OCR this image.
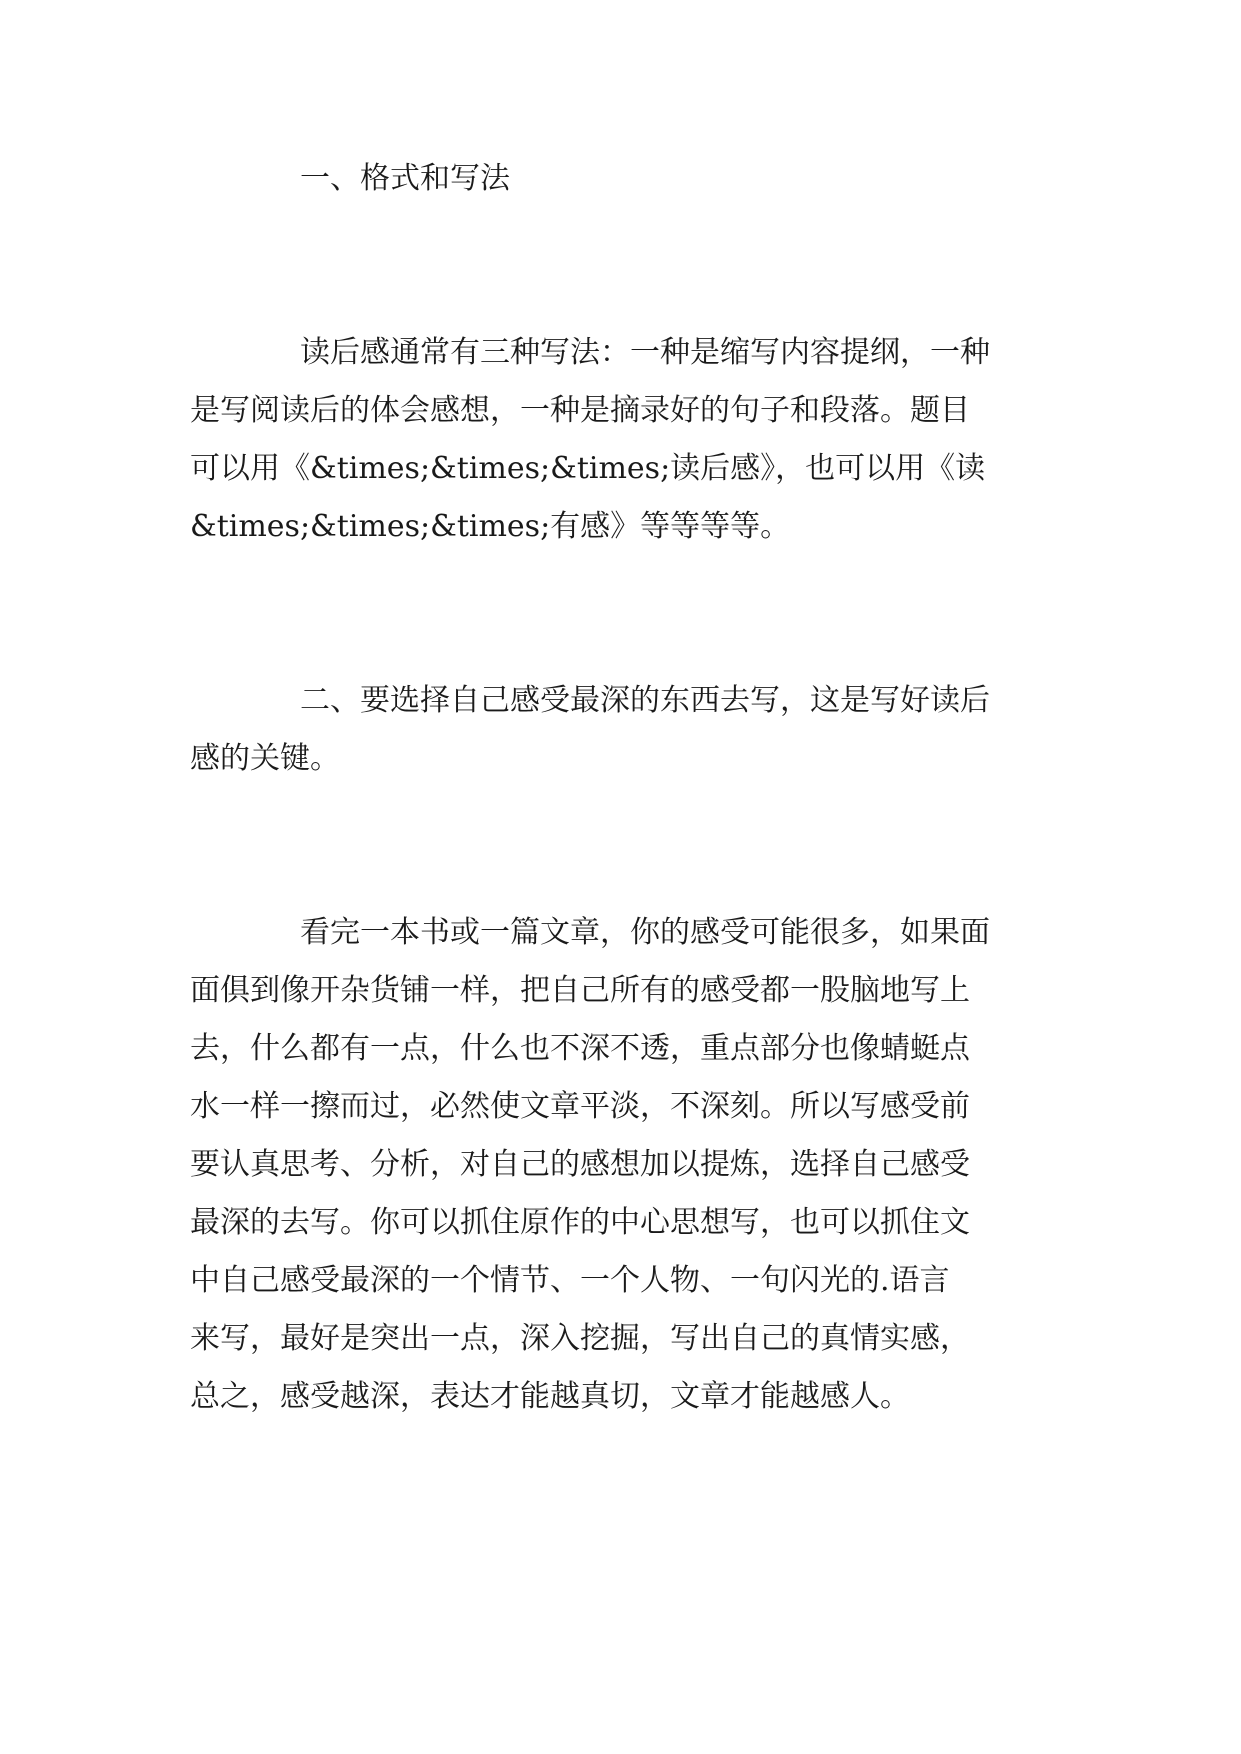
一、格式和写法

读后感通常有三种写法：一种是缩写内容提纲，一种
是写阅读后的体会感想，一种是摘录好的句子和段落。题目
可以用《&times;&times;&times;读后感》，也可以用《读
&times;&times;&times;有感》等等等等。

二、要选择自己感受最深的东西去写，这是写好读后
感的关键。

看完一本书或一篇文章，你的感受可能很多，如果面
面俱到像开杂货铺一样，把自己所有的感受都一股脑地写上
去，什么都有一点，什么也不深不透，重点部分也像蜻蜓点
水一样一擦而过，必然使文章平淡，不深刻。所以写感受前
要认真思考、分析，对自己的感想加以提炼，选择自己感受
最深的去写。你可以抓住原作的中心思想写，也可以抓住文
中自己感受最深的一个情节、一个人物、一句闪光的.语言
来写，最好是突出一点，深入挖掘，写出自己的真情实感，
总之，感受越深，表达才能越真切，文章才能越感人。
